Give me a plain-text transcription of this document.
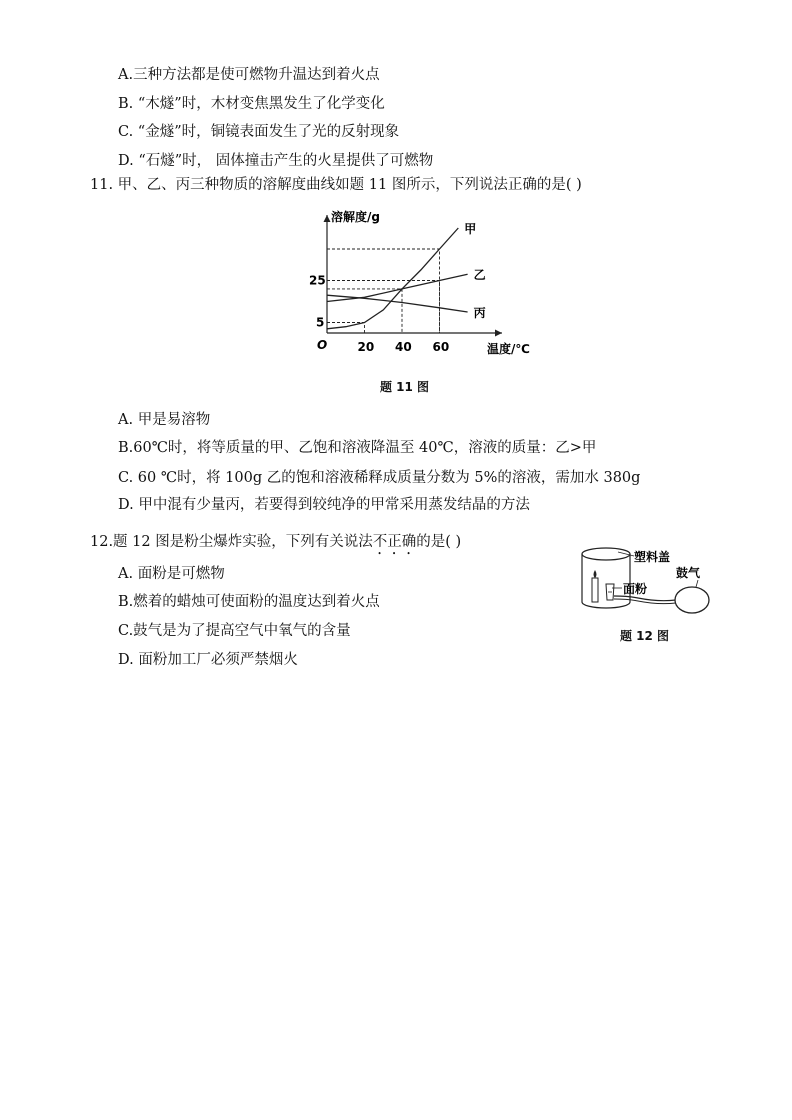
A.三种方法都是使可燃物升温达到着火点
B. “木燧”时，木材变焦黑发生了化学变化
C. “金燧”时，铜镜表面发生了光的反射现象
D. “石燧”时， 固体撞击产生的火星提供了可燃物
11. 甲、乙、丙三种物质的溶解度曲线如题 11 图所示，下列说法正确的是( )
溶解度/g
温度/℃
O
甲
乙
丙
20 40 60
5
25
题 11 图
A. 甲是易溶物
B.60℃时，将等质量的甲、乙饱和溶液降温至 40℃，溶液的质量：乙>甲
C. 60 ℃时，将 100g 乙的饱和溶液稀释成质量分数为 5%的溶液，需加水 380g
D. 甲中混有少量丙，若要得到较纯净的甲常采用蒸发结晶的方法
12.题 12 图是粉尘爆炸实验，下列有关说法不正确的是( )
A. 面粉是可燃物
B.燃着的蜡烛可使面粉的温度达到着火点
C.鼓气是为了提高空气中氧气的含量
D. 面粉加工厂必须严禁烟火
塑料盖
面粉
鼓气
题 12 图
